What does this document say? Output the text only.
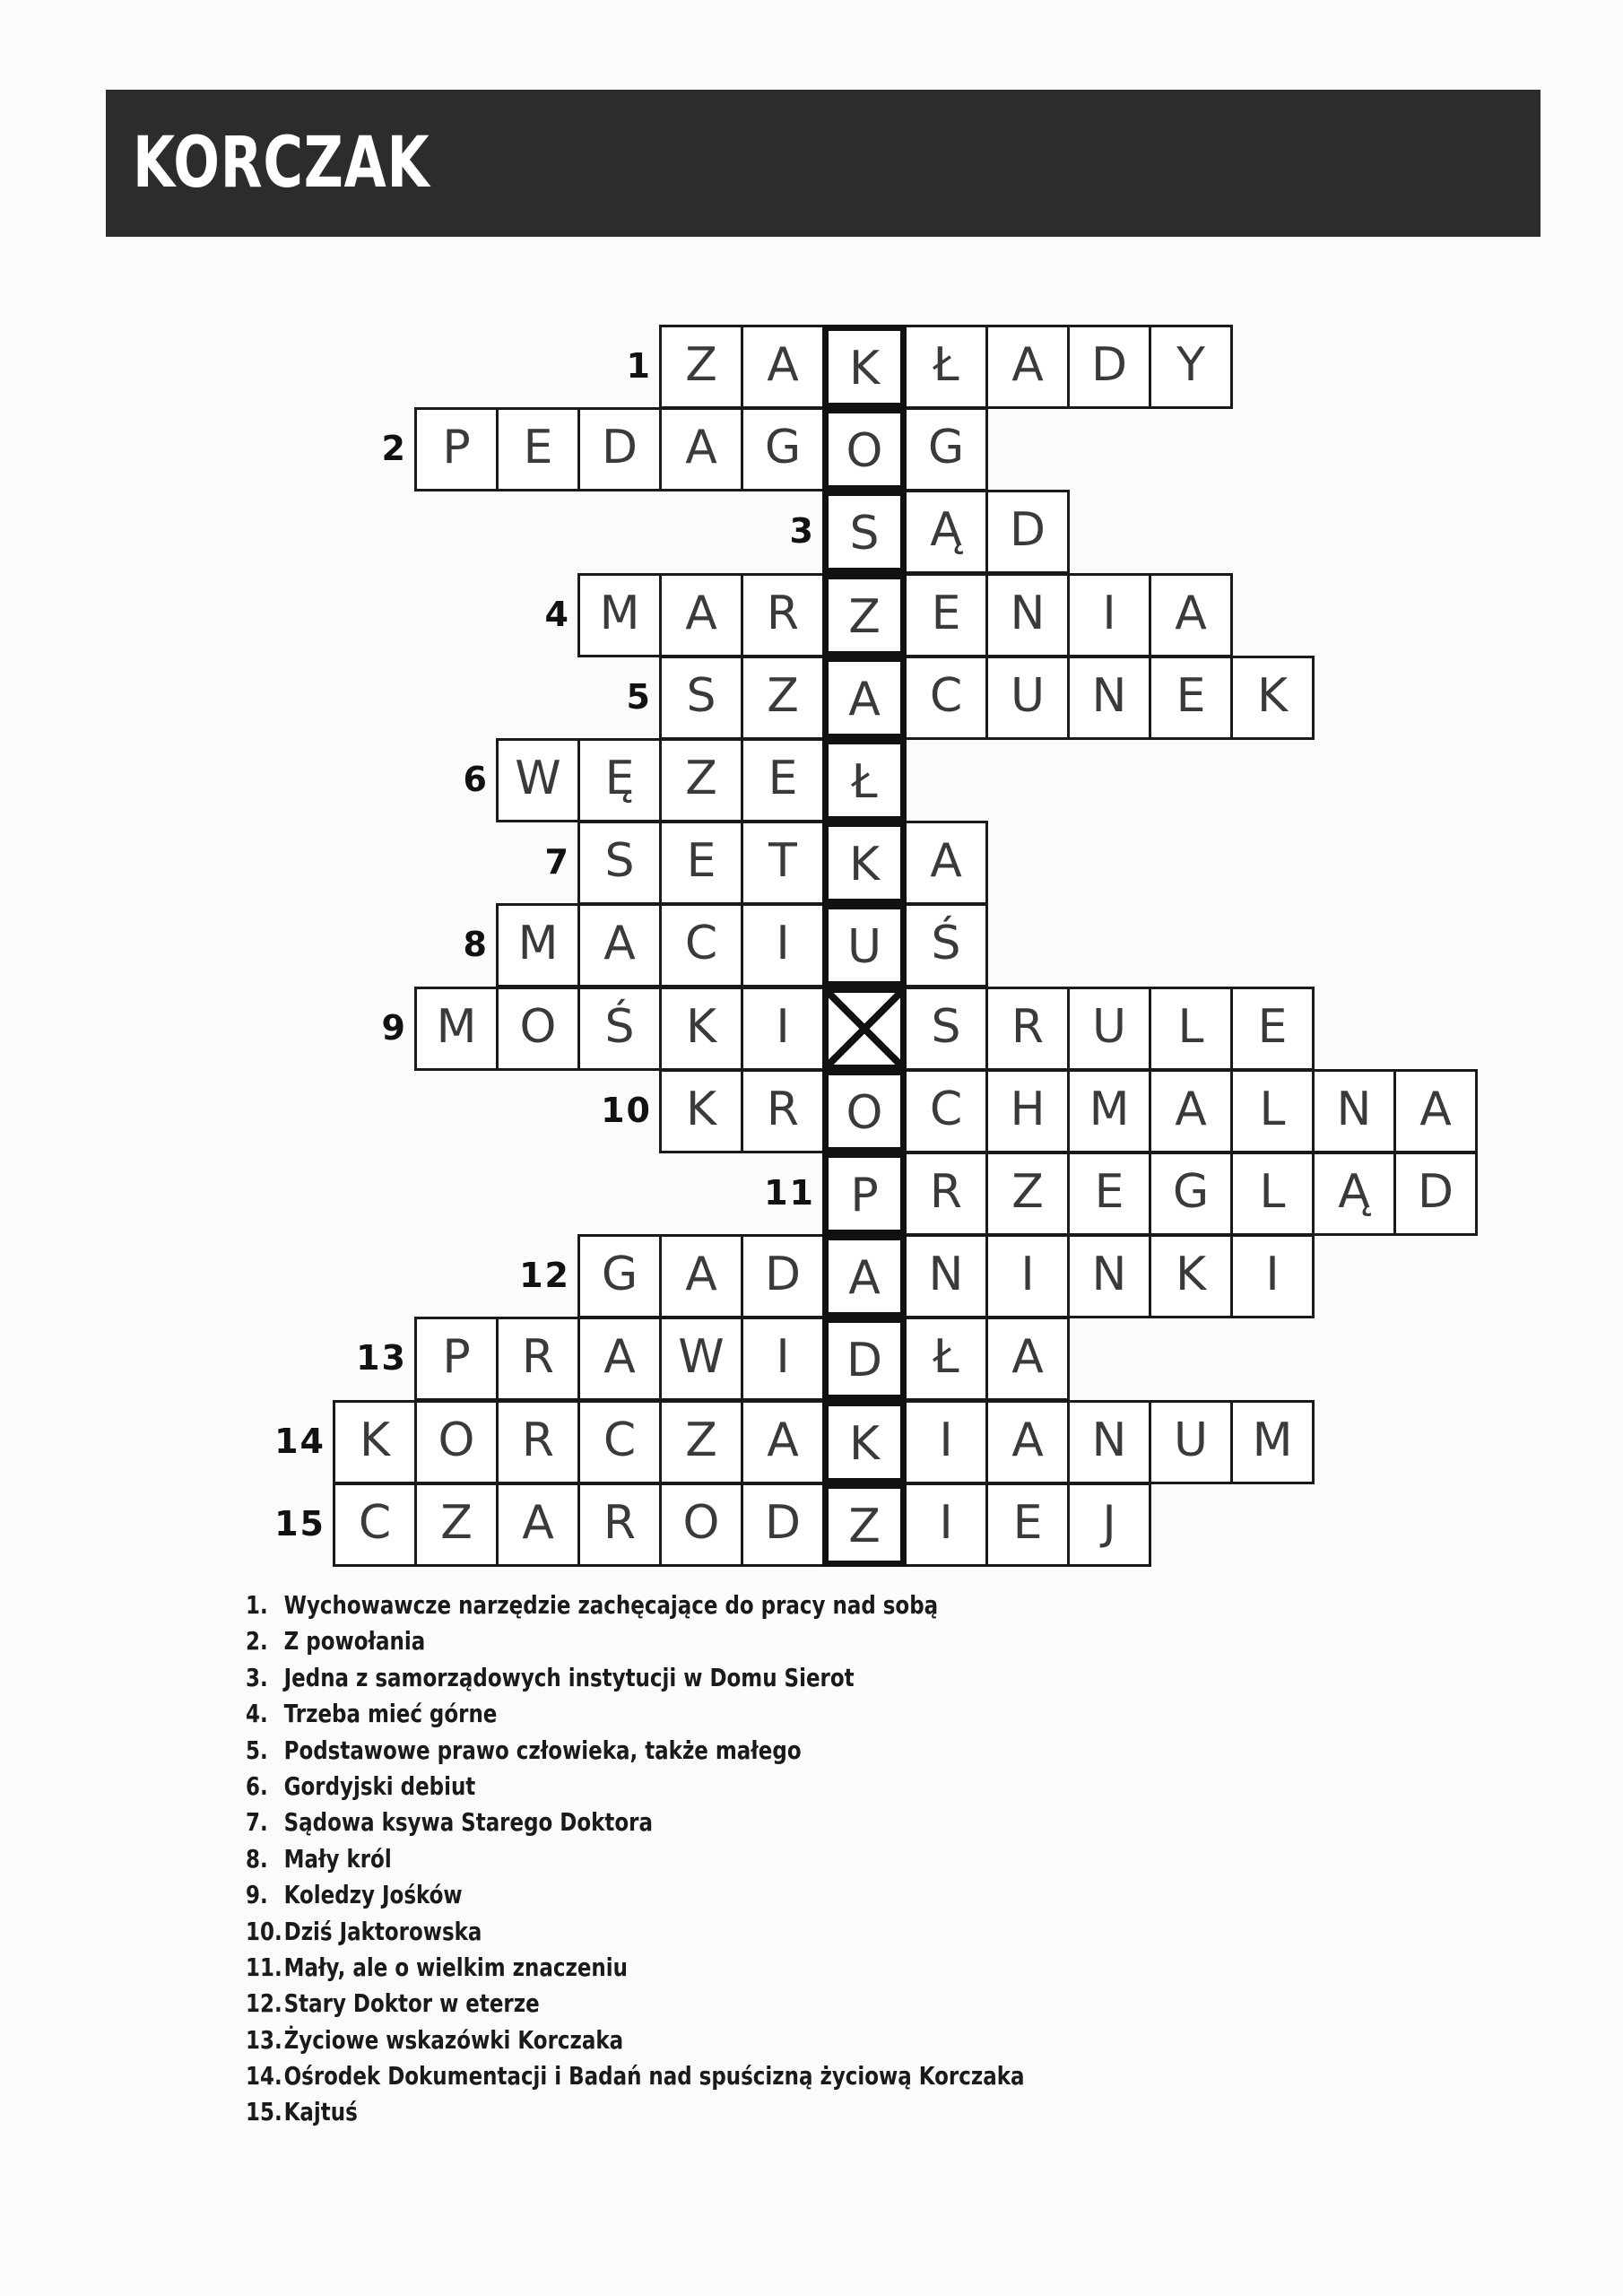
KORCZAK
1 Z	A	K	Ł	A	D	Y
2 P	E	D	A	G O G
3 S	Ą	D
4 M A	R	Z	E	N	I	A
5 S	Z	A	C	U	N	E	K
6 W Ę	Z	E	Ł
7 S	E	T	K	A
8 M A	C	I	U	Ś
9 M O	Ś	K	I	S	R	U	L	E
10 K	R	O	C	H M A	L	N	A
11 P	R	Z	E	G	L	Ą	D
12 G	A	D	A	N	I	N	K	I
13 P	R	A W	I	D	Ł	A
14 K	O	R	C	Z	A	K	I	A	N	U M
15 C	Z	A	R	O D	Z	I	E	J
1. Wychowawcze narzędzie zachęcające do pracy nad sobą
2. Z powołania
3. Jedna z samorządowych instytucji w Domu Sierot
4. Trzeba mieć górne
5. Podstawowe prawo człowieka, także małego
6. Gordyjski debiut
7. Sądowa ksywa Starego Doktora
8. Mały król
9. Koledzy Jośków
10.Dziś Jaktorowska
11.Mały, ale o wielkim znaczeniu
12.Stary Doktor w eterze
13.Życiowe wskazówki Korczaka
14.Ośrodek Dokumentacji i Badań nad spuścizną życiową Korczaka
15.Kajtuś
